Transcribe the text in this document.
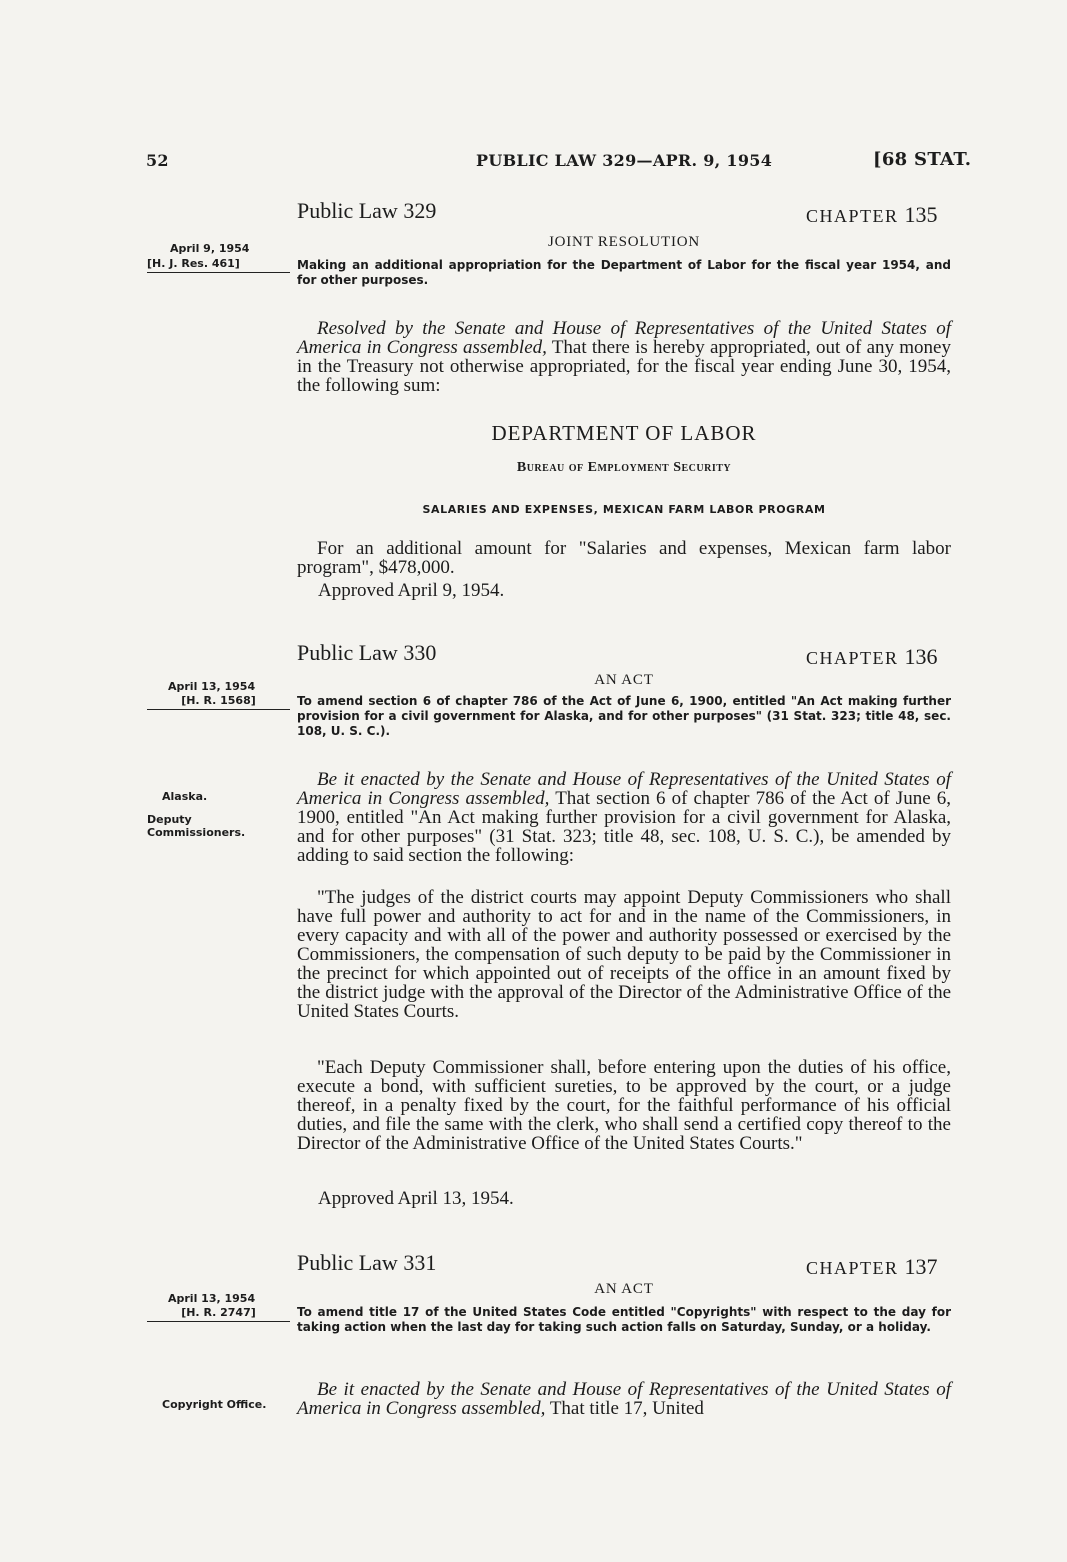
52	PUBLIC LAW 329—APR. 9, 1954	[68 STAT.
Public Law 329	CHAPTER 135
JOINT RESOLUTION
April 9, 1954
[H. J. Res. 461]	Making an additional appropriation for the Department of Labor for the fiscal year 1954, and for other purposes.
Resolved by the Senate and House of Representatives of the United States of America in Congress assembled, That there is hereby appropriated, out of any money in the Treasury not otherwise appropriated, for the fiscal year ending June 30, 1954, the following sum:
DEPARTMENT OF LABOR
Bureau of Employment Security
SALARIES AND EXPENSES, MEXICAN FARM LABOR PROGRAM
For an additional amount for "Salaries and expenses, Mexican farm labor program", $478,000.
Approved April 9, 1954.
Public Law 330	CHAPTER 136
AN ACT
April 13, 1954
[H. R. 1568]	To amend section 6 of chapter 786 of the Act of June 6, 1900, entitled "An Act making further provision for a civil government for Alaska, and for other purposes" (31 Stat. 323; title 48, sec. 108, U. S. C.).
Alaska.
Deputy Commissioners.
Be it enacted by the Senate and House of Representatives of the United States of America in Congress assembled, That section 6 of chapter 786 of the Act of June 6, 1900, entitled "An Act making further provision for a civil government for Alaska, and for other purposes" (31 Stat. 323; title 48, sec. 108, U. S. C.), be amended by adding to said section the following:
"The judges of the district courts may appoint Deputy Commissioners who shall have full power and authority to act for and in the name of the Commissioners, in every capacity and with all of the power and authority possessed or exercised by the Commissioners, the compensation of such deputy to be paid by the Commissioner in the precinct for which appointed out of receipts of the office in an amount fixed by the district judge with the approval of the Director of the Administrative Office of the United States Courts.
"Each Deputy Commissioner shall, before entering upon the duties of his office, execute a bond, with sufficient sureties, to be approved by the court, or a judge thereof, in a penalty fixed by the court, for the faithful performance of his official duties, and file the same with the clerk, who shall send a certified copy thereof to the Director of the Administrative Office of the United States Courts."
Approved April 13, 1954.
Public Law 331	CHAPTER 137
AN ACT
April 13, 1954
[H. R. 2747]	To amend title 17 of the United States Code entitled "Copyrights" with respect to the day for taking action when the last day for taking such action falls on Saturday, Sunday, or a holiday.
Copyright Office.
Be it enacted by the Senate and House of Representatives of the United States of America in Congress assembled, That title 17, United
